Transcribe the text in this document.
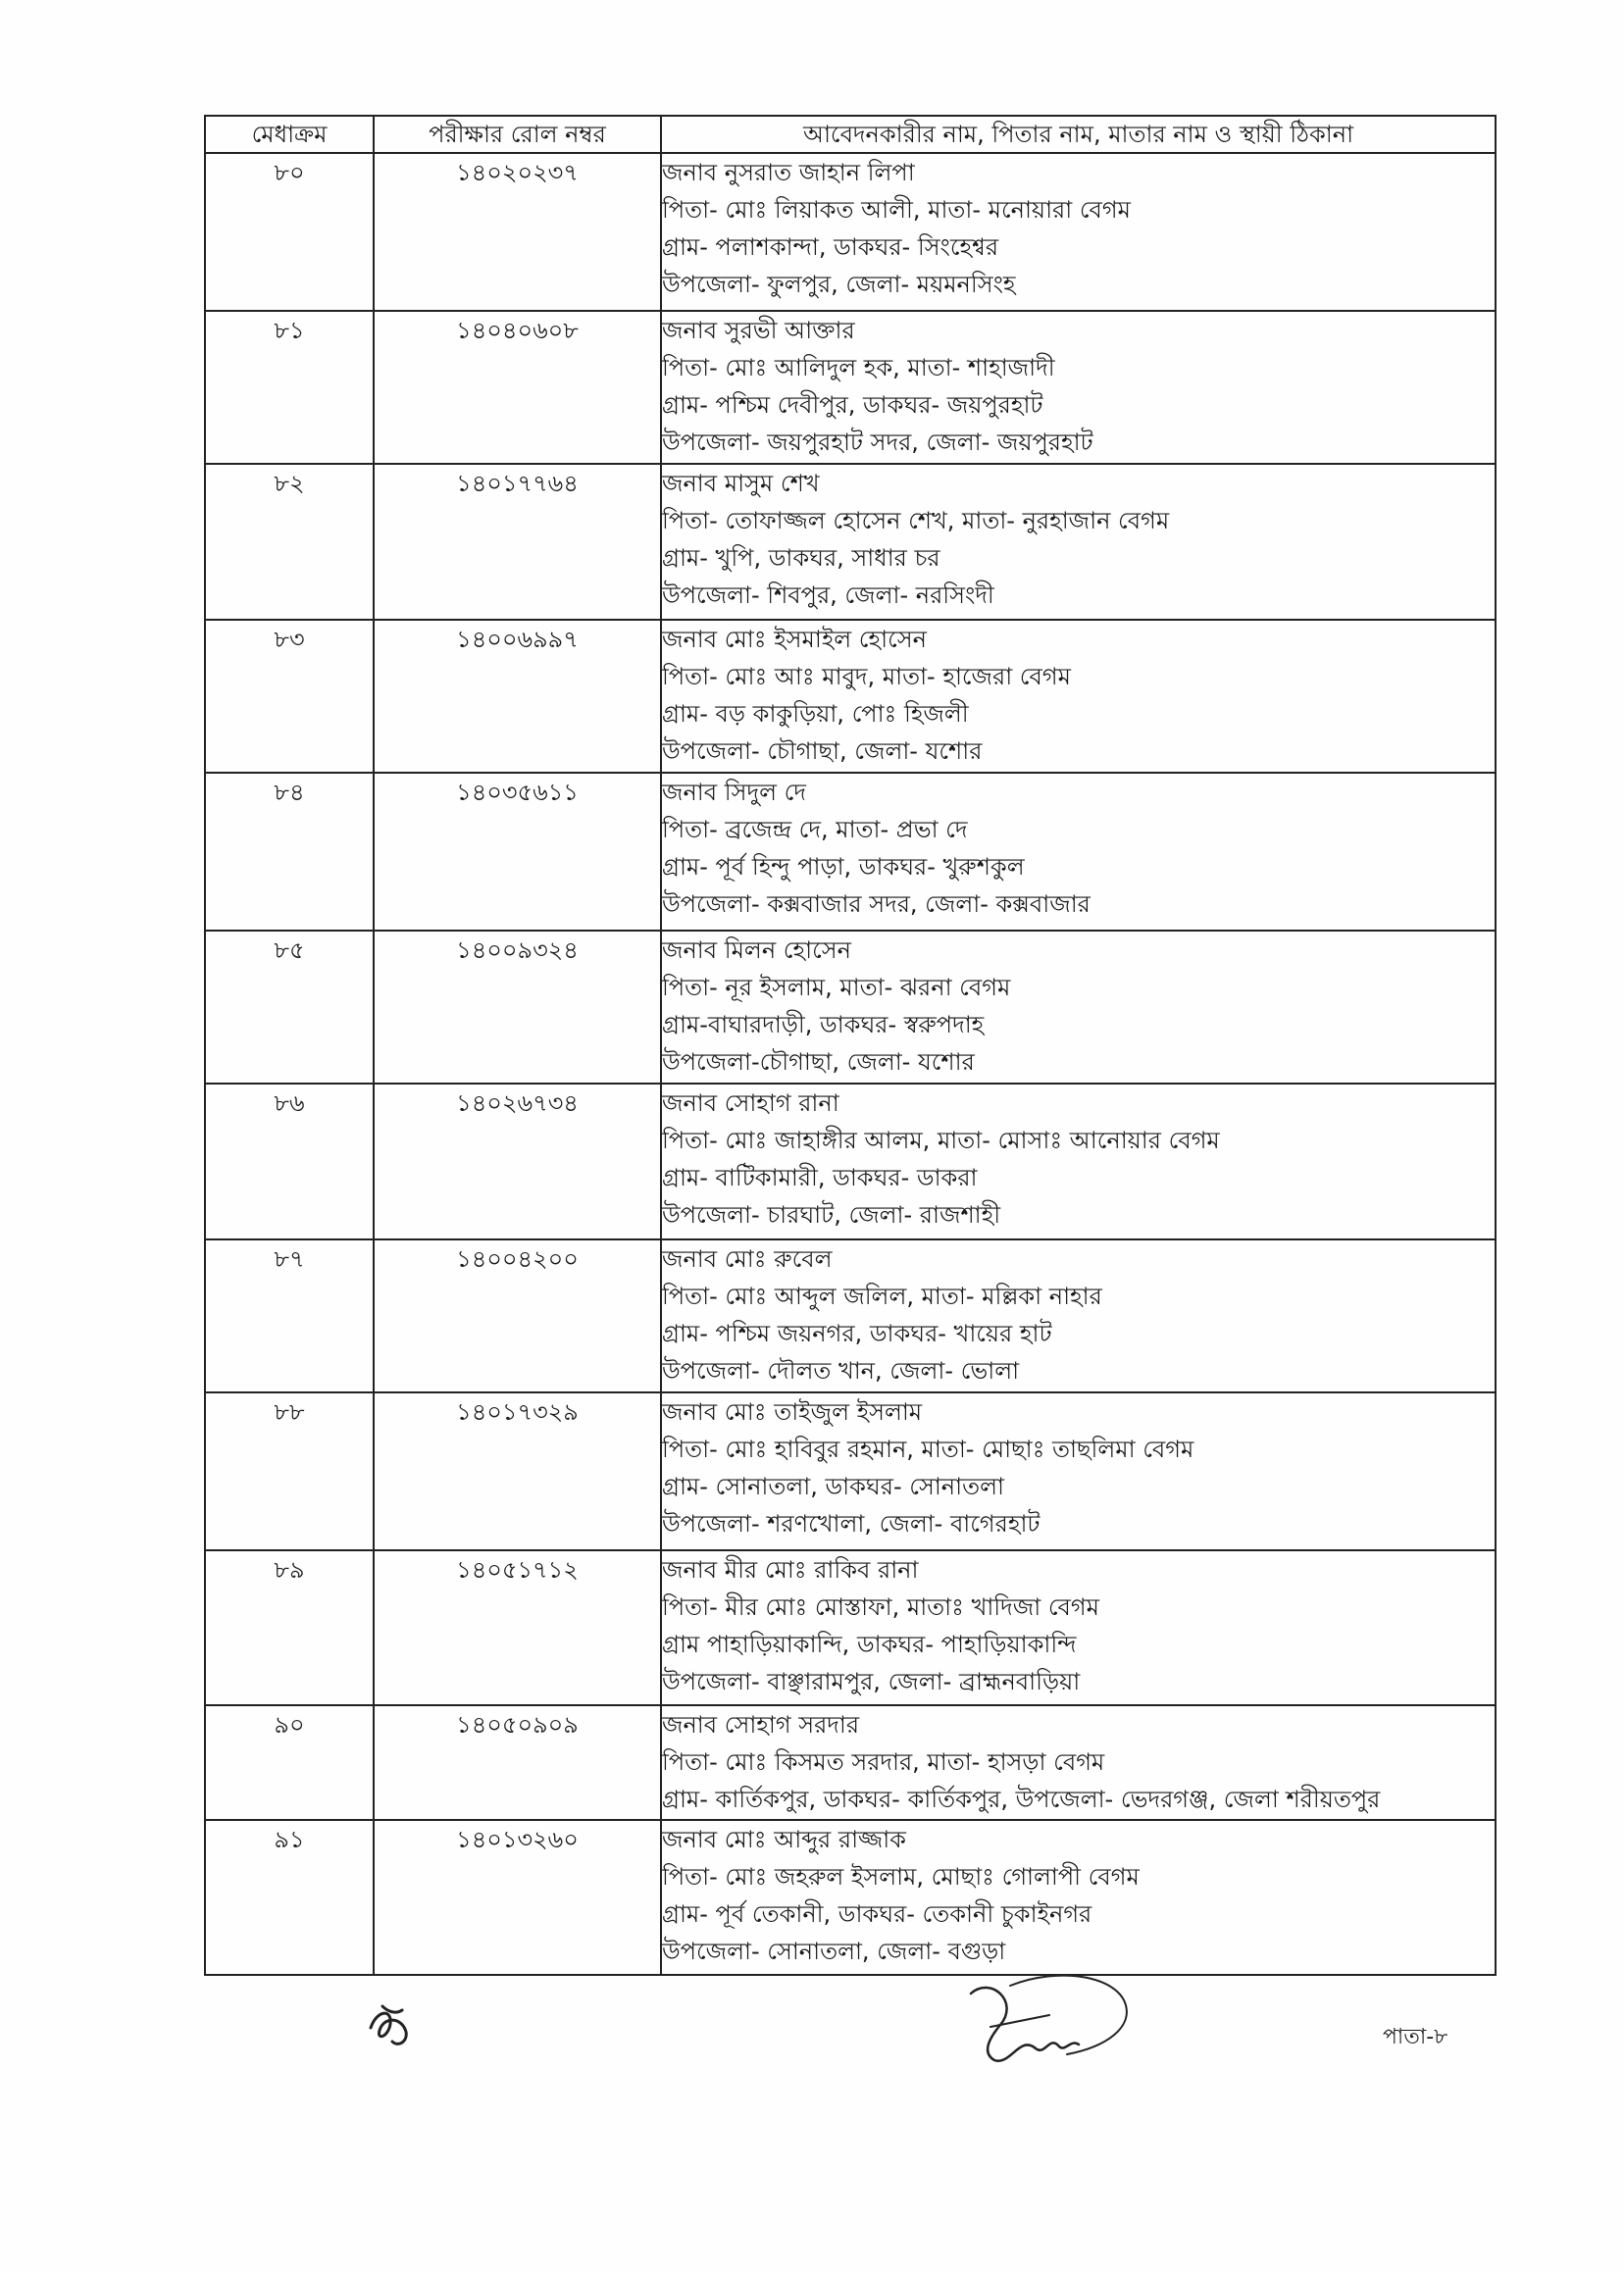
মেধাক্রম	পরীক্ষার রোল নম্বর	আবেদনকারীর নাম, পিতার নাম, মাতার নাম ও স্থায়ী ঠিকানা
৮০	১৪০২০২৩৭	জনাব নুসরাত জাহান লিপা
পিতা- মোঃ লিয়াকত আলী, মাতা- মনোয়ারা বেগম
গ্রাম- পলাশকান্দা, ডাকঘর- সিংহেশ্বর
উপজেলা- ফুলপুর, জেলা- ময়মনসিংহ

৮১	১৪০৪০৬০৮	জনাব সুরভী আক্তার
পিতা- মোঃ আলিদুল হক, মাতা- শাহাজাদী
গ্রাম- পশ্চিম দেবীপুর, ডাকঘর- জয়পুরহাট
উপজেলা- জয়পুরহাট সদর, জেলা- জয়পুরহাট

৮২	১৪০১৭৭৬৪	জনাব মাসুম শেখ
পিতা- তোফাজ্জল হোসেন শেখ, মাতা- নুরহাজান বেগম
গ্রাম- খুপি, ডাকঘর, সাধার চর
উপজেলা- শিবপুর, জেলা- নরসিংদী

৮৩	১৪০০৬৯৯৭	জনাব মোঃ ইসমাইল হোসেন
পিতা- মোঃ আঃ মাবুদ, মাতা- হাজেরা বেগম
গ্রাম- বড় কাকুড়িয়া, পোঃ হিজলী
উপজেলা- চৌগাছা, জেলা- যশোর

৮৪	১৪০৩৫৬১১	জনাব সিদুল দে
পিতা- ব্রজেন্দ্র দে, মাতা- প্রভা দে
গ্রাম- পূর্ব হিন্দু পাড়া, ডাকঘর- খুরুশকুল
উপজেলা- কক্সবাজার সদর, জেলা- কক্সবাজার

৮৫	১৪০০৯৩২৪	জনাব মিলন হোসেন
পিতা- নূর ইসলাম, মাতা- ঝরনা বেগম
গ্রাম-বাঘারদাড়ী, ডাকঘর- স্বরুপদাহ
উপজেলা-চৌগাছা, জেলা- যশোর

৮৬	১৪০২৬৭৩৪	জনাব সোহাগ রানা
পিতা- মোঃ জাহাঙ্গীর আলম, মাতা- মোসাঃ আনোয়ার বেগম
গ্রাম- বাটিকামারী, ডাকঘর- ডাকরা
উপজেলা- চারঘাট, জেলা- রাজশাহী

৮৭	১৪০০৪২০০	জনাব মোঃ রুবেল
পিতা- মোঃ আব্দুল জলিল, মাতা- মল্লিকা নাহার
গ্রাম- পশ্চিম জয়নগর, ডাকঘর- খায়ের হাট
উপজেলা- দৌলত খান, জেলা- ভোলা

৮৮	১৪০১৭৩২৯	জনাব মোঃ তাইজুল ইসলাম
পিতা- মোঃ হাবিবুর রহমান, মাতা- মোছাঃ তাছলিমা বেগম
গ্রাম- সোনাতলা, ডাকঘর- সোনাতলা
উপজেলা- শরণখোলা, জেলা- বাগেরহাট

৮৯	১৪০৫১৭১২	জনাব মীর মোঃ রাকিব রানা
পিতা- মীর মোঃ মোস্তাফা, মাতাঃ খাদিজা বেগম
গ্রাম পাহাড়িয়াকান্দি, ডাকঘর- পাহাড়িয়াকান্দি
উপজেলা- বাঞ্ছারামপুর, জেলা- ব্রাহ্মনবাড়িয়া

৯০	১৪০৫০৯০৯	জনাব সোহাগ সরদার
পিতা- মোঃ কিসমত সরদার, মাতা- হাসড়া বেগম
গ্রাম- কার্তিকপুর, ডাকঘর- কার্তিকপুর, উপজেলা- ভেদরগঞ্জ, জেলা শরীয়তপুর

৯১	১৪০১৩২৬০	জনাব মোঃ আব্দুর রাজ্জাক
পিতা- মোঃ জহরুল ইসলাম, মোছাঃ গোলাপী বেগম
গ্রাম- পূর্ব তেকানী, ডাকঘর- তেকানী চুকাইনগর
উপজেলা- সোনাতলা, জেলা- বগুড়া
পাতা-৮
